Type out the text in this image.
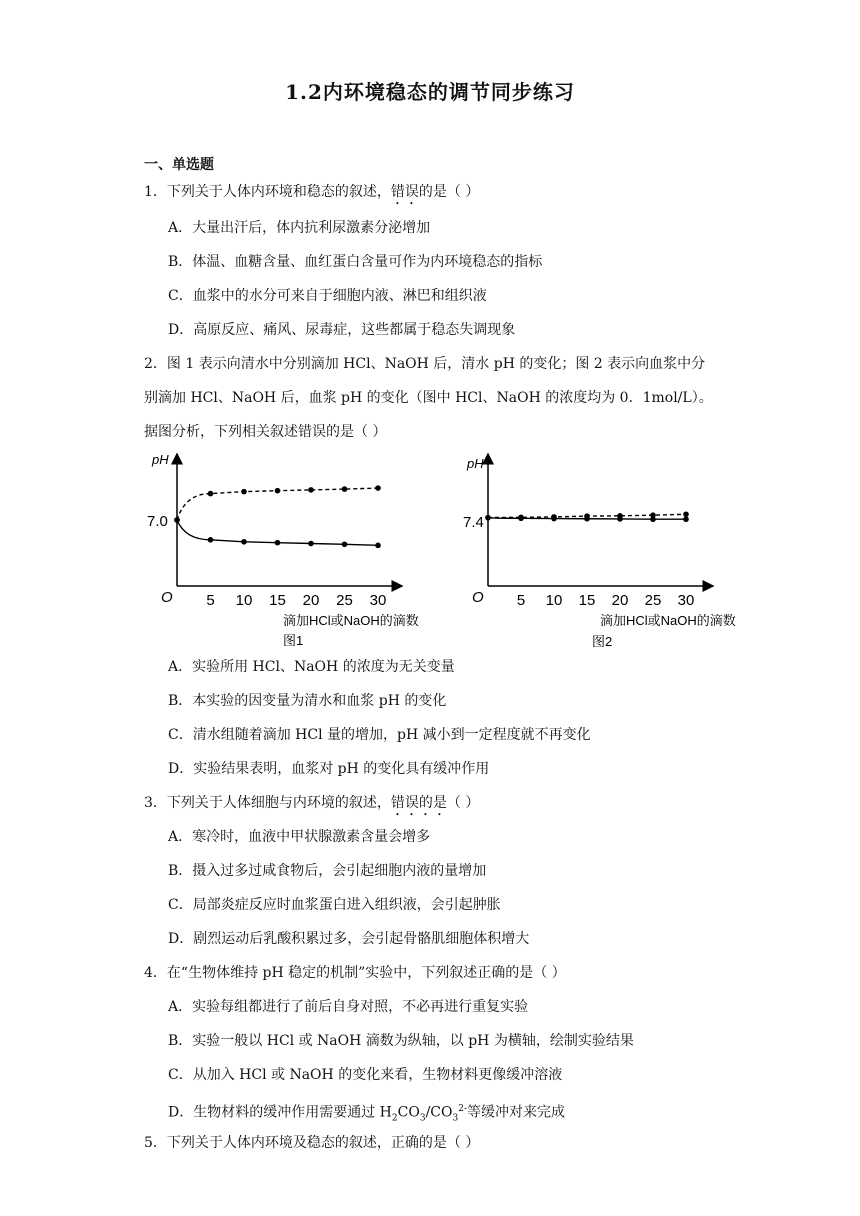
1.2内环境稳态的调节同步练习
一、单选题
1．下列关于人体内环境和稳态的叙述，错误的是（ ）
A．大量出汗后，体内抗利尿激素分泌增加
B．体温、血糖含量、血红蛋白含量可作为内环境稳态的指标
C．血浆中的水分可来自于细胞内液、淋巴和组织液
D．高原反应、痛风、尿毒症，这些都属于稳态失调现象
2．图 1 表示向清水中分别滴加 HCl、NaOH 后，清水 pH 的变化；图 2 表示向血浆中分
别滴加 HCl、NaOH 后，血浆 pH 的变化（图中 HCl、NaOH 的浓度均为 0．1mol/L）。
据图分析，下列相关叙述错误的是（ ）
pH
O
7.0
5 10 15 20 25 30
滴加HCl或NaOH的滴数
图1
pH
O
7.4
5 10 15 20 25 30
滴加HCl或NaOH的滴数
图2
A．实验所用 HCl、NaOH 的浓度为无关变量
B．本实验的因变量为清水和血浆 pH 的变化
C．清水组随着滴加 HCl 量的增加，pH 减小到一定程度就不再变化
D．实验结果表明，血浆对 pH 的变化具有缓冲作用
3．下列关于人体细胞与内环境的叙述，错误的是（ ）
A．寒冷时，血液中甲状腺激素含量会增多
B．摄入过多过咸食物后，会引起细胞内液的量增加
C．局部炎症反应时血浆蛋白进入组织液，会引起肿胀
D．剧烈运动后乳酸积累过多，会引起骨骼肌细胞体积增大
4．在“生物体维持 pH 稳定的机制”实验中，下列叙述正确的是（ ）
A．实验每组都进行了前后自身对照，不必再进行重复实验
B．实验一般以 HCl 或 NaOH 滴数为纵轴，以 pH 为横轴，绘制实验结果
C．从加入 HCl 或 NaOH 的变化来看，生物材料更像缓冲溶液
D．生物材料的缓冲作用需要通过 $H_2CO_3/CO_3^{2-}$等缓冲对来完成
5．下列关于人体内环境及稳态的叙述，正确的是（ ）
